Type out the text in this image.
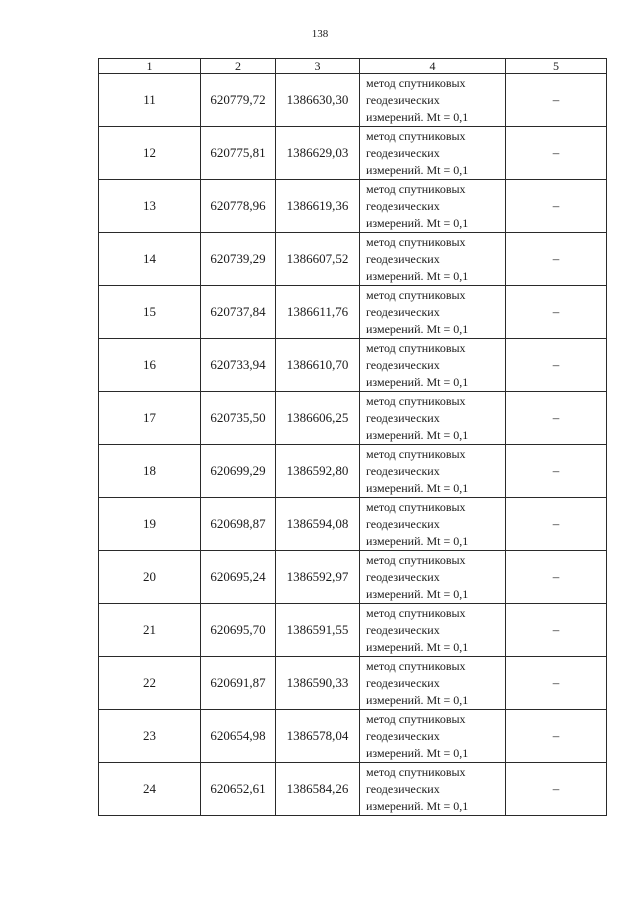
138
1	2	3	4	5
11	620779,72	1386630,30	метод спутниковых
геодезических
измерений. Mt = 0,1	–
12	620775,81	1386629,03	метод спутниковых
геодезических
измерений. Mt = 0,1	–
13	620778,96	1386619,36	метод спутниковых
геодезических
измерений. Mt = 0,1	–
14	620739,29	1386607,52	метод спутниковых
геодезических
измерений. Mt = 0,1	–
15	620737,84	1386611,76	метод спутниковых
геодезических
измерений. Mt = 0,1	–
16	620733,94	1386610,70	метод спутниковых
геодезических
измерений. Mt = 0,1	–
17	620735,50	1386606,25	метод спутниковых
геодезических
измерений. Mt = 0,1	–
18	620699,29	1386592,80	метод спутниковых
геодезических
измерений. Mt = 0,1	–
19	620698,87	1386594,08	метод спутниковых
геодезических
измерений. Mt = 0,1	–
20	620695,24	1386592,97	метод спутниковых
геодезических
измерений. Mt = 0,1	–
21	620695,70	1386591,55	метод спутниковых
геодезических
измерений. Mt = 0,1	–
22	620691,87	1386590,33	метод спутниковых
геодезических
измерений. Mt = 0,1	–
23	620654,98	1386578,04	метод спутниковых
геодезических
измерений. Mt = 0,1	–
24	620652,61	1386584,26	метод спутниковых
геодезических
измерений. Mt = 0,1	–
